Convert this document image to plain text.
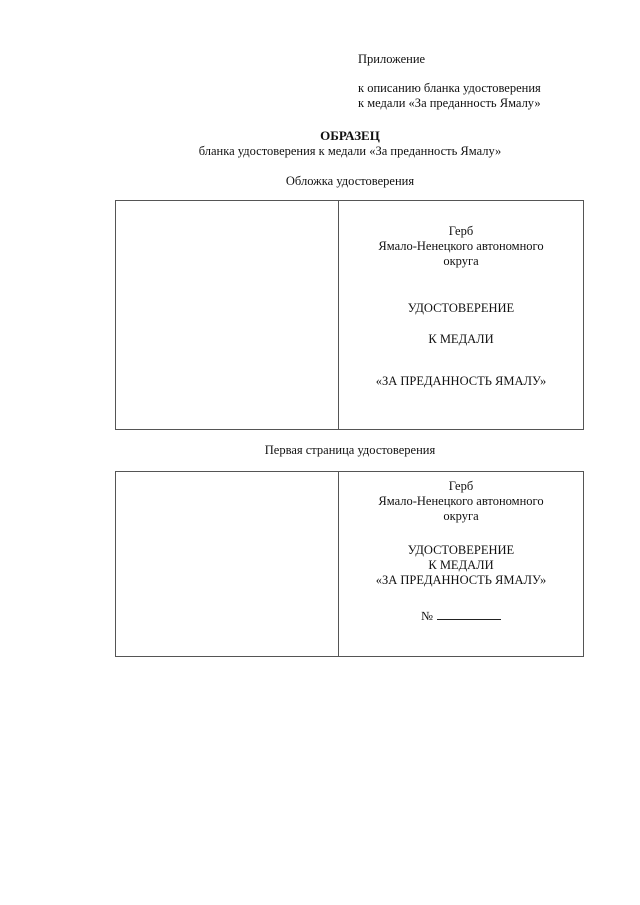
Приложение
к описанию бланка удостоверения
к медали «За преданность Ямалу»
ОБРАЗЕЦ
бланка удостоверения к медали «За преданность Ямалу»
Обложка удостоверения
Герб
Ямало-Ненецкого автономного
округа
УДОСТОВЕРЕНИЕ
К МЕДАЛИ
«ЗА ПРЕДАННОСТЬ ЯМАЛУ»
Первая страница удостоверения
Герб
Ямало-Ненецкого автономного
округа
УДОСТОВЕРЕНИЕ
К МЕДАЛИ
«ЗА ПРЕДАННОСТЬ ЯМАЛУ»
№
